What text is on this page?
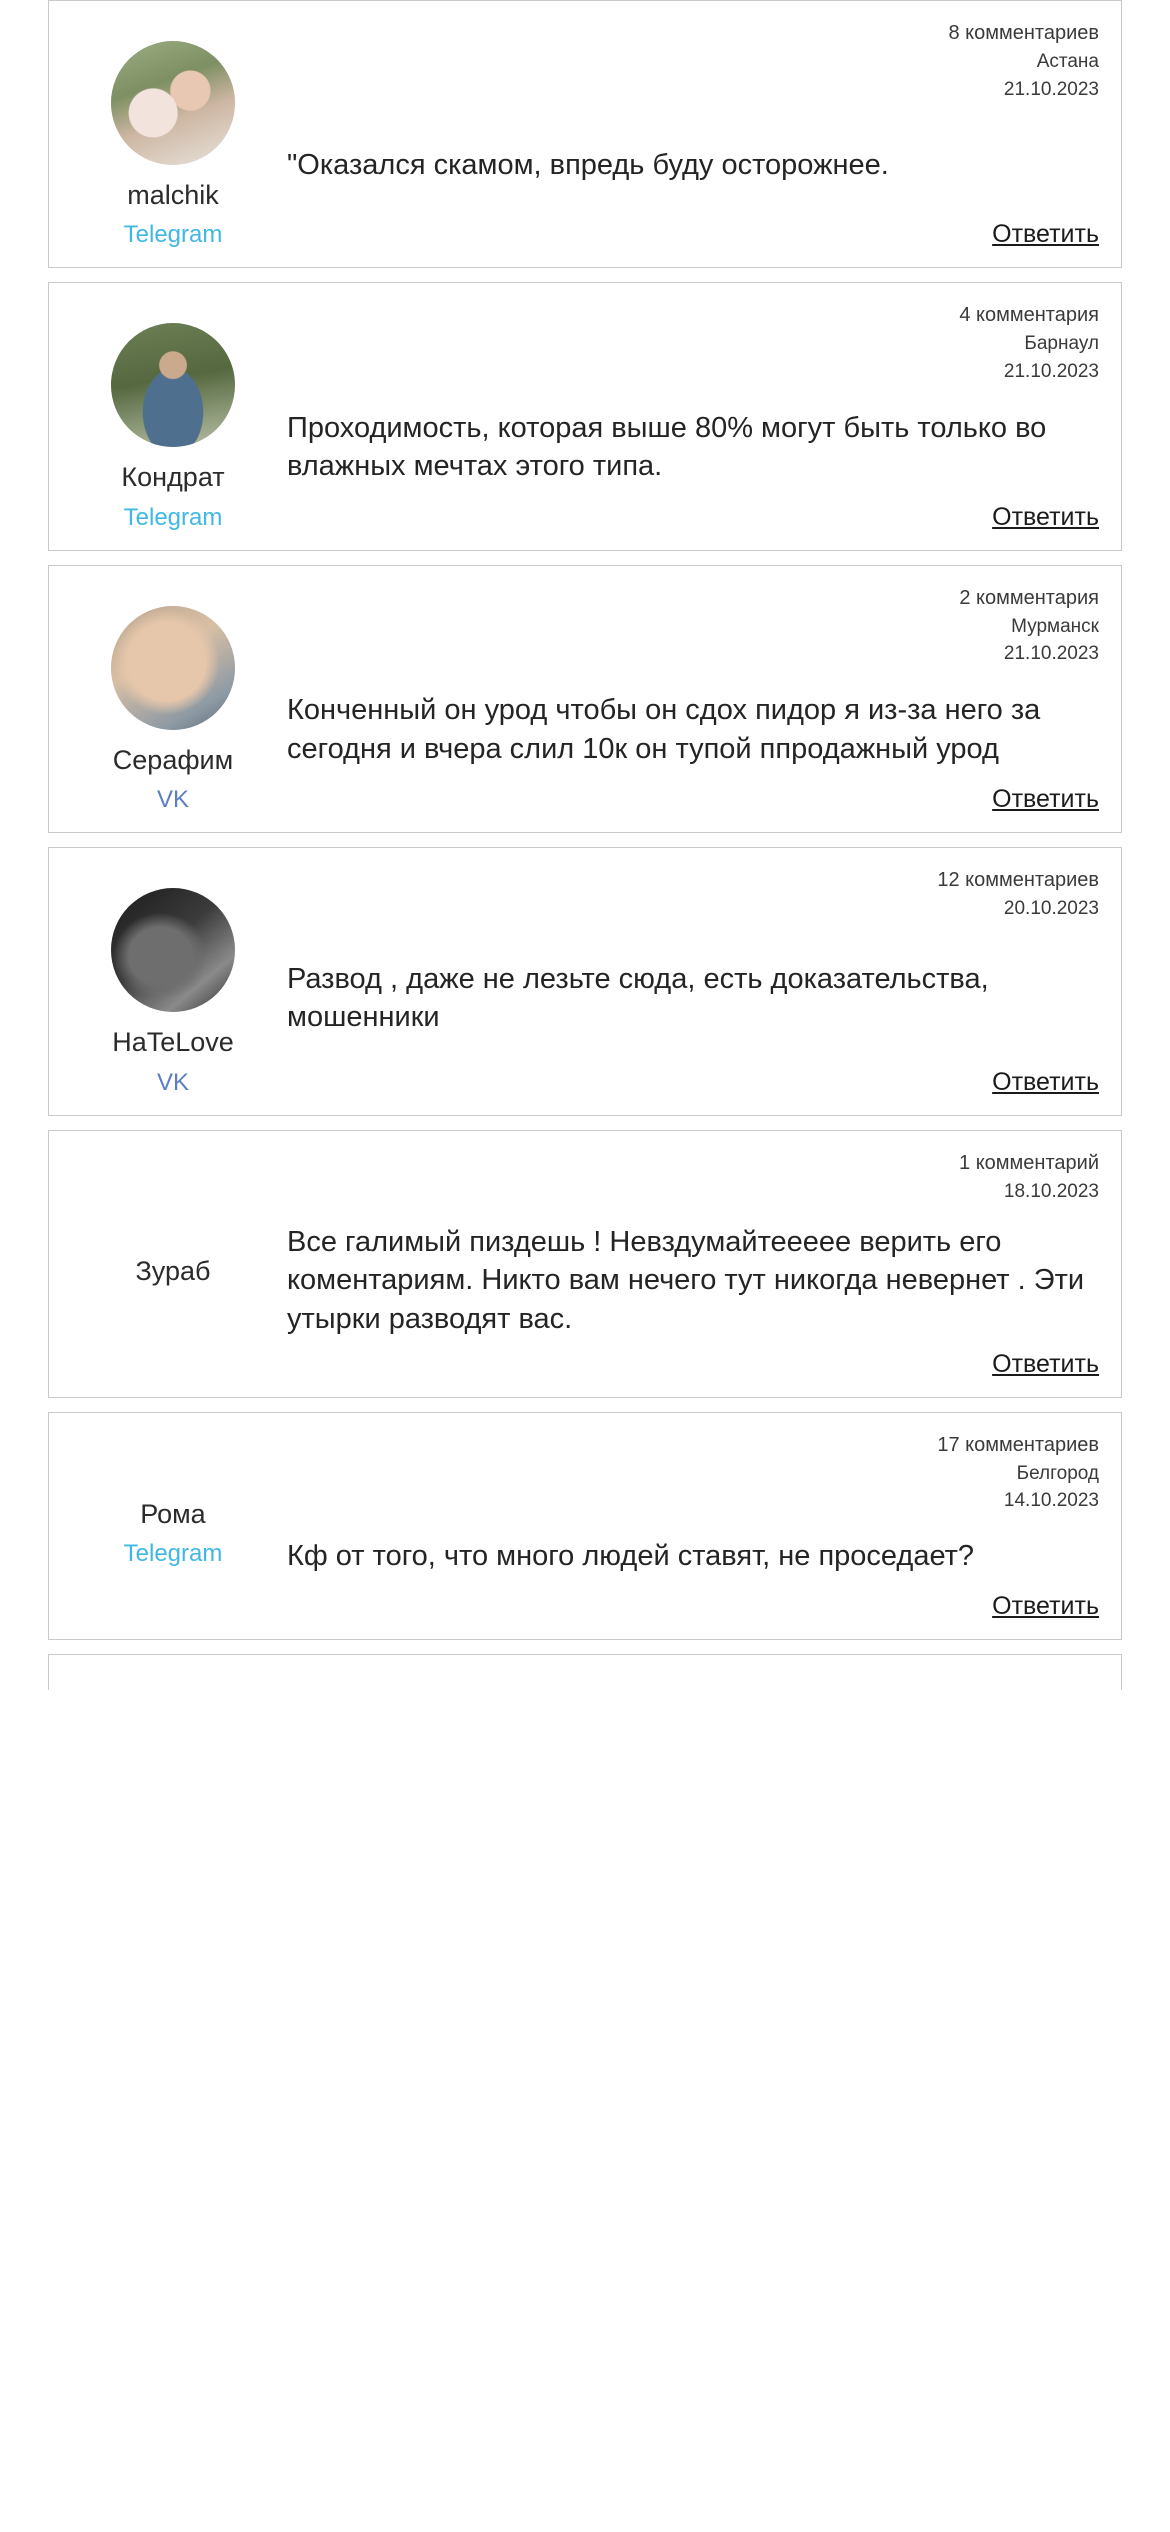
malchik
Telegram
8 комментариев
Астана
21.10.2023
"Оказался скамом, впредь буду осторожнее.
Ответить
Кондрат
Telegram
4 комментария
Барнаул
21.10.2023
Проходимость, которая выше 80% могут быть только во влажных мечтах этого типа.
Ответить
Серафим
VK
2 комментария
Мурманск
21.10.2023
Конченный он урод чтобы он сдох пидор я из-за него за сегодня и вчера слил 10к он тупой ппродажный урод
Ответить
HaTeLove
VK
12 комментариев
20.10.2023
Развод , даже не лезьте сюда, есть доказательства, мошенники
Ответить
Зураб
1 комментарий
18.10.2023
Все галимый пиздешь ! Невздумайтеееее верить его коментариям. Никто вам нечего тут никогда невернет . Эти утырки разводят вас.
Ответить
Рома
Telegram
17 комментариев
Белгород
14.10.2023
Кф от того, что много людей ставят, не проседает?
Ответить
